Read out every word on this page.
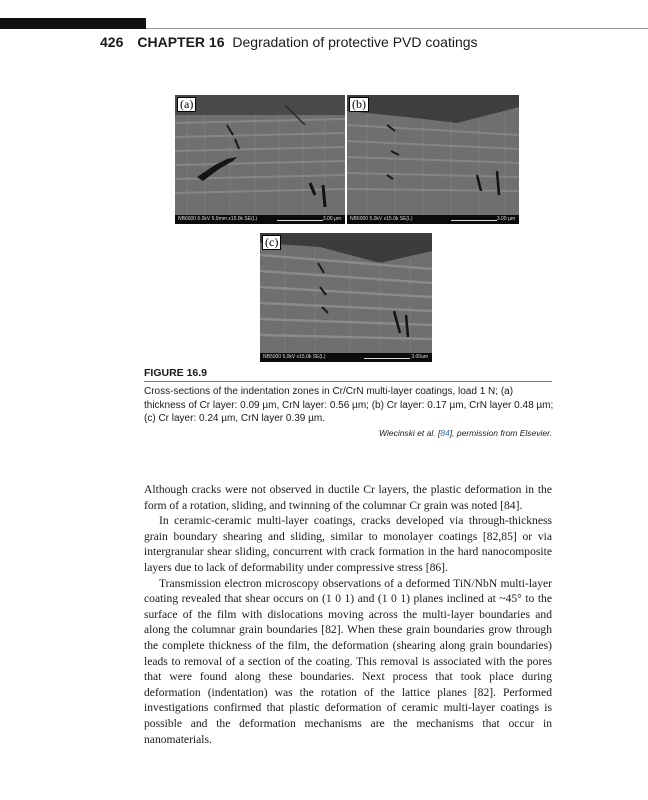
426 CHAPTER 16 Degradation of protective PVD coatings
(a)
NB6000 5.0kV 5.9mm x15.0k SE(L)	3.00 µm
(b)
NB6000 5.0kV x15.0k SE(L)	3.00 µm
(c)
NB5000 5.0kV x15.0k SE(L)	3.00um
FIGURE 16.9
Cross-sections of the indentation zones in Cr/CrN multi-layer coatings, load 1 N; (a) thickness of Cr layer: 0.09 µm, CrN layer: 0.56 µm; (b) Cr layer: 0.17 µm, CrN layer 0.48 µm; (c) Cr layer: 0.24 µm, CrN layer 0.39 µm.
Wiecinski et al. [84], permission from Elsevier.

Although cracks were not observed in ductile Cr layers, the plastic deformation in the form of a rotation, sliding, and twinning of the columnar Cr grain was noted [84].

In ceramic-ceramic multi-layer coatings, cracks developed via through-thickness grain boundary shearing and sliding, similar to monolayer coatings [82,85] or via intergranular shear sliding, concurrent with crack formation in the hard nanocomposite layers due to lack of deformability under compressive stress [86].

Transmission electron microscopy observations of a deformed TiN/NbN multi-layer coating revealed that shear occurs on (1 0 1) and (1 0 1) planes inclined at ~45° to the surface of the film with dislocations moving across the multi-layer boundaries and along the columnar grain boundaries [82]. When these grain boundaries grow through the complete thickness of the film, the deformation (shearing along grain boundaries) leads to removal of a section of the coating. This removal is associated with the pores that were found along these boundaries. Next process that took place during deformation (indentation) was the rotation of the lattice planes [82]. Performed investigations confirmed that plastic deformation of ceramic multi-layer coatings is possible and the deformation mechanisms are the mechanisms that occur in nanomaterials.
